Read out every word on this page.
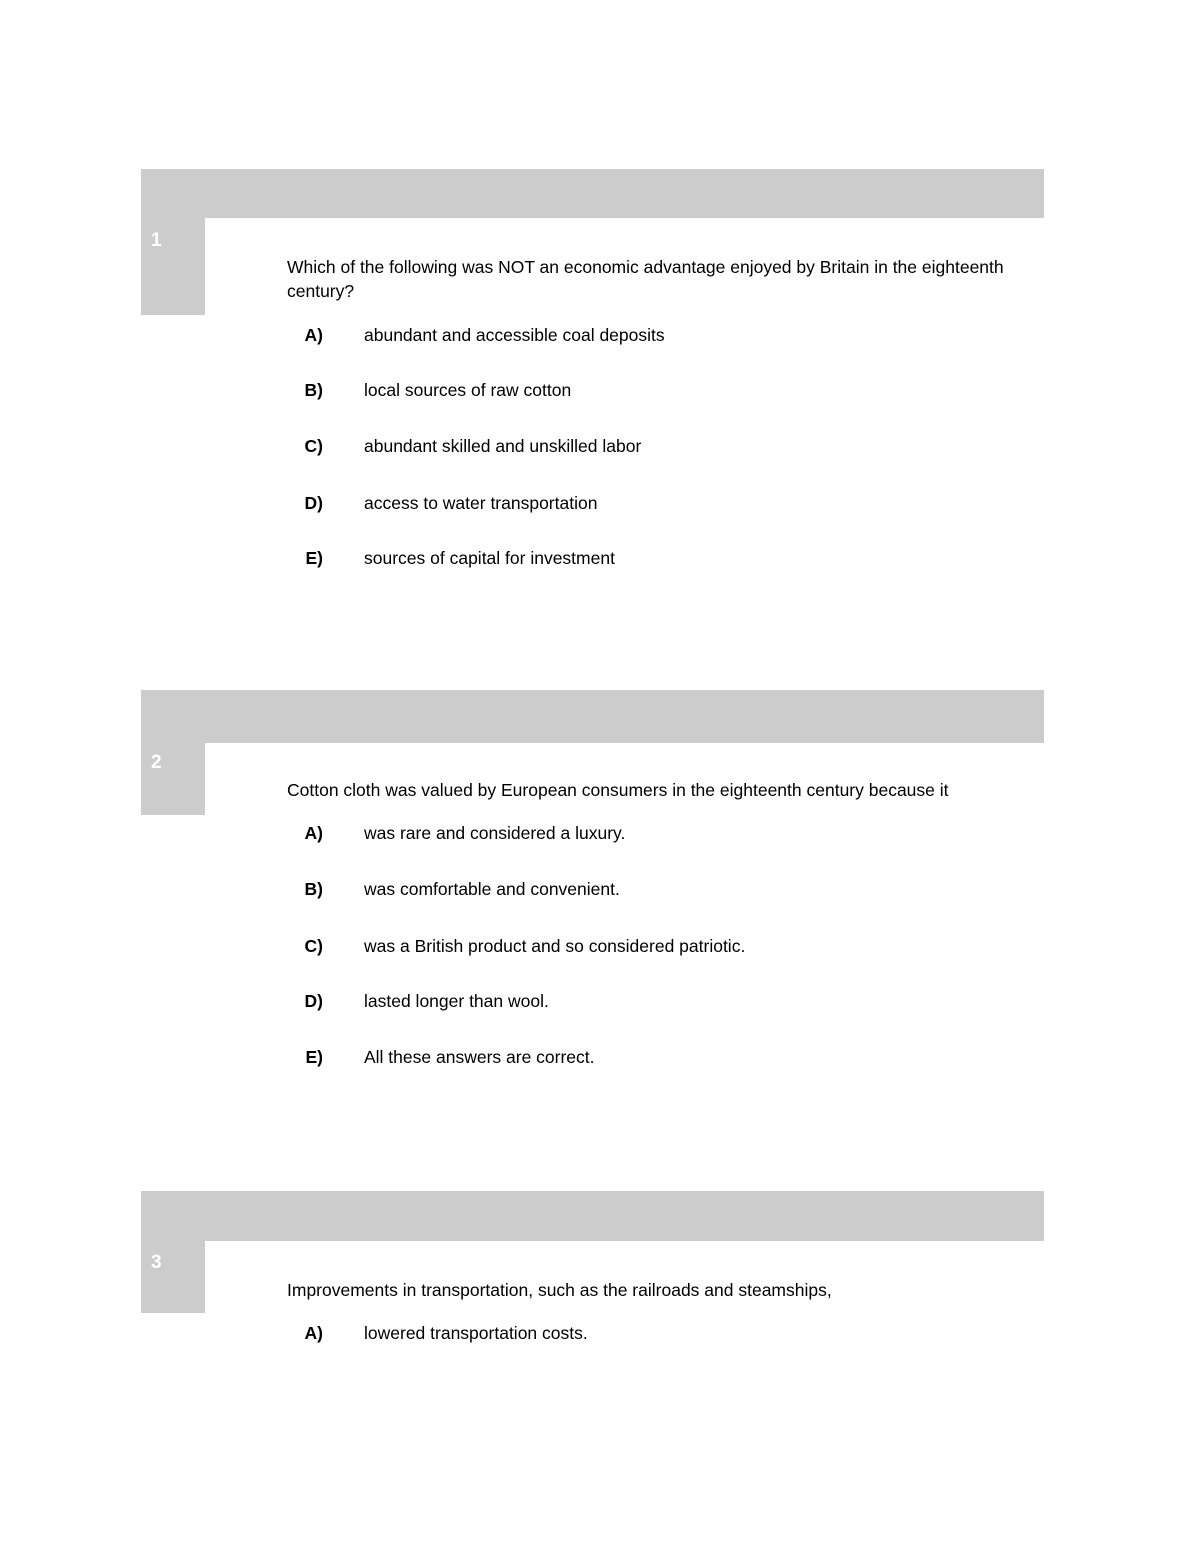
1
Which of the following was NOT an economic advantage enjoyed by Britain in the eighteenth century?
A) abundant and accessible coal deposits
B) local sources of raw cotton
C) abundant skilled and unskilled labor
D) access to water transportation
E) sources of capital for investment
2
Cotton cloth was valued by European consumers in the eighteenth century because it
A) was rare and considered a luxury.
B) was comfortable and convenient.
C) was a British product and so considered patriotic.
D) lasted longer than wool.
E) All these answers are correct.
3
Improvements in transportation, such as the railroads and steamships,
A) lowered transportation costs.
